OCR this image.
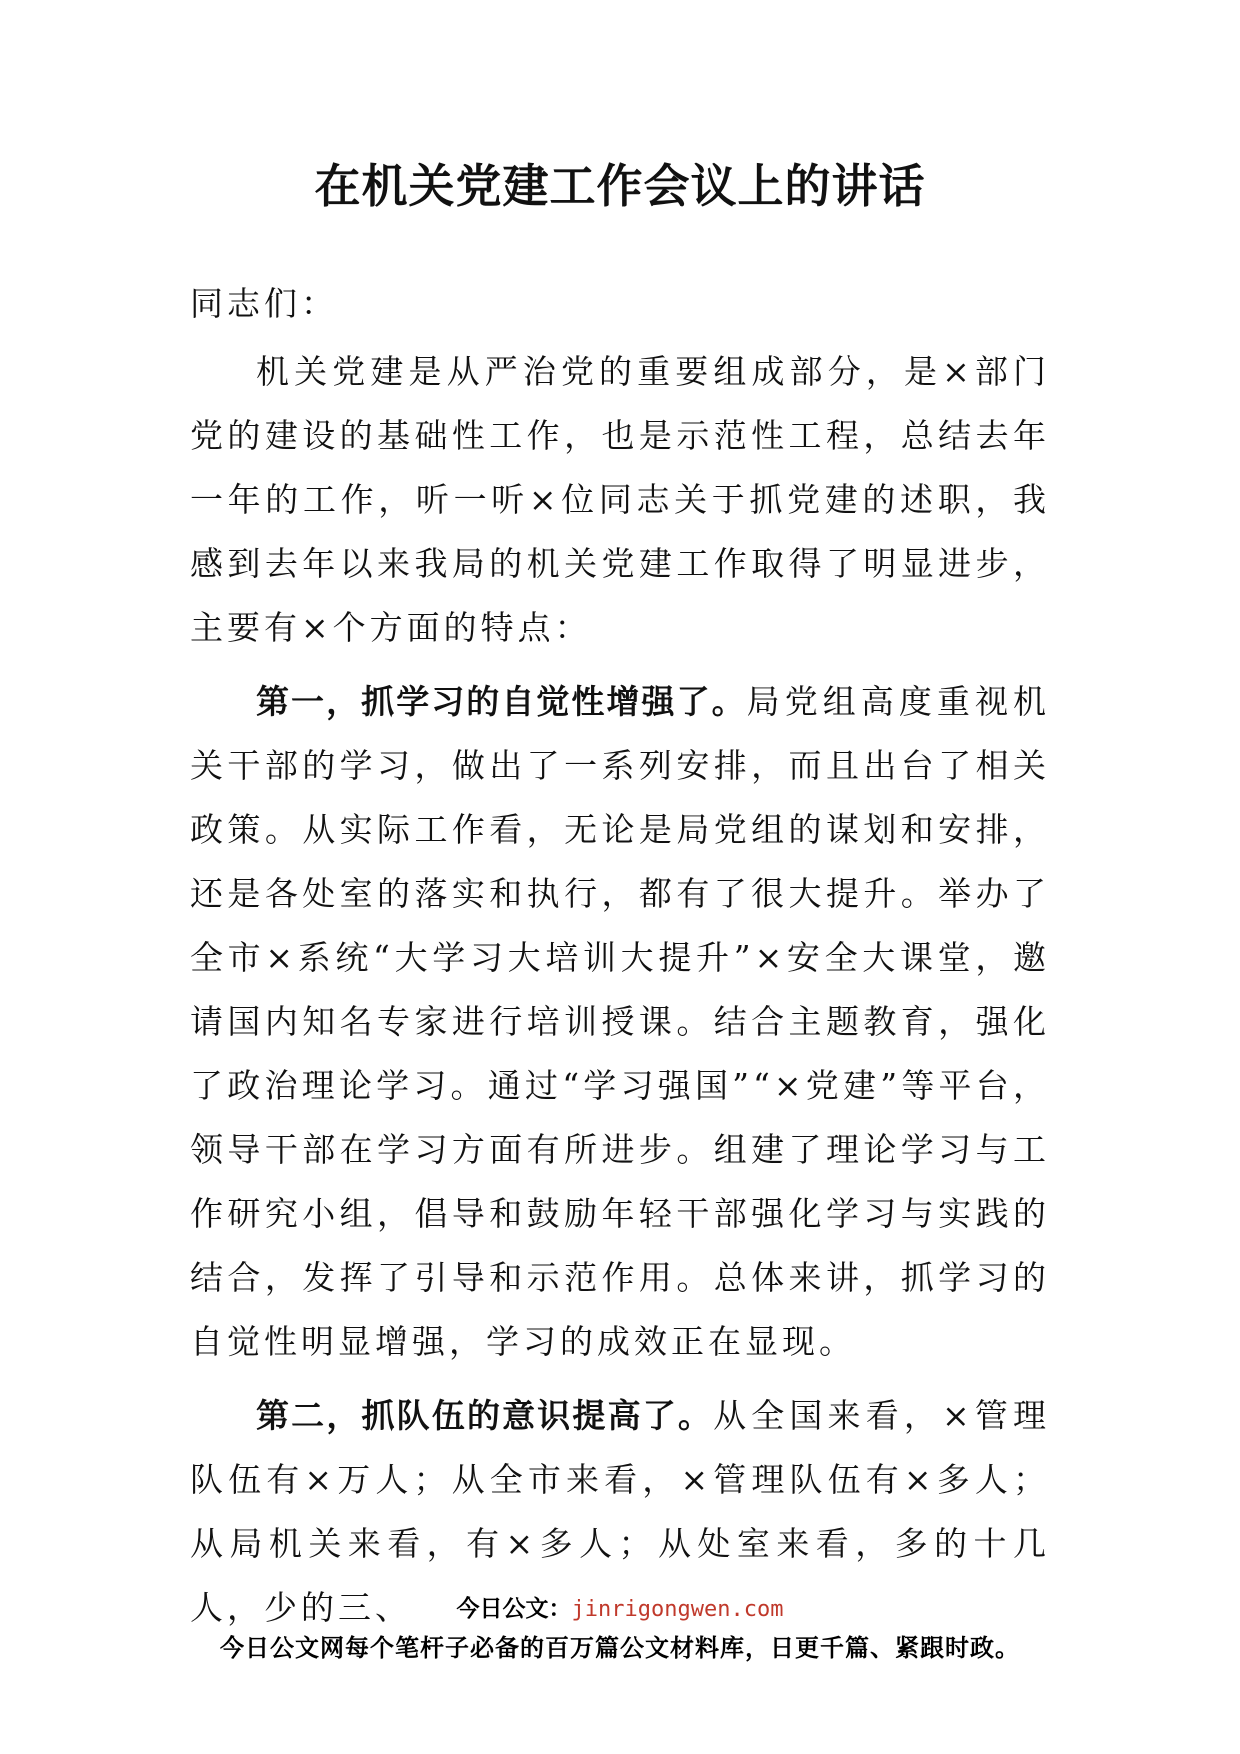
在机关党建工作会议上的讲话

同志们：

机关党建是从严治党的重要组成部分，是×部门党的建设的基础性工作，也是示范性工程，总结去年一年的工作，听一听×位同志关于抓党建的述职，我感到去年以来我局的机关党建工作取得了明显进步，主要有×个方面的特点：

第一，抓学习的自觉性增强了。局党组高度重视机关干部的学习，做出了一系列安排，而且出台了相关政策。从实际工作看，无论是局党组的谋划和安排，还是各处室的落实和执行，都有了很大提升。举办了全市×系统“大学习大培训大提升”×安全大课堂，邀请国内知名专家进行培训授课。结合主题教育，强化了政治理论学习。通过“学习强国”“×党建”等平台，领导干部在学习方面有所进步。组建了理论学习与工作研究小组，倡导和鼓励年轻干部强化学习与实践的结合，发挥了引导和示范作用。总体来讲，抓学习的自觉性明显增强，学习的成效正在显现。

第二，抓队伍的意识提高了。从全国来看，×管理队伍有×万人；从全市来看，×管理队伍有×多人；从局机关来看，有×多人；从处室来看，多的十几人，少的三、	今日公文：jinrigongwen.com
今日公文网每个笔杆子必备的百万篇公文材料库，日更千篇、紧跟时政。
